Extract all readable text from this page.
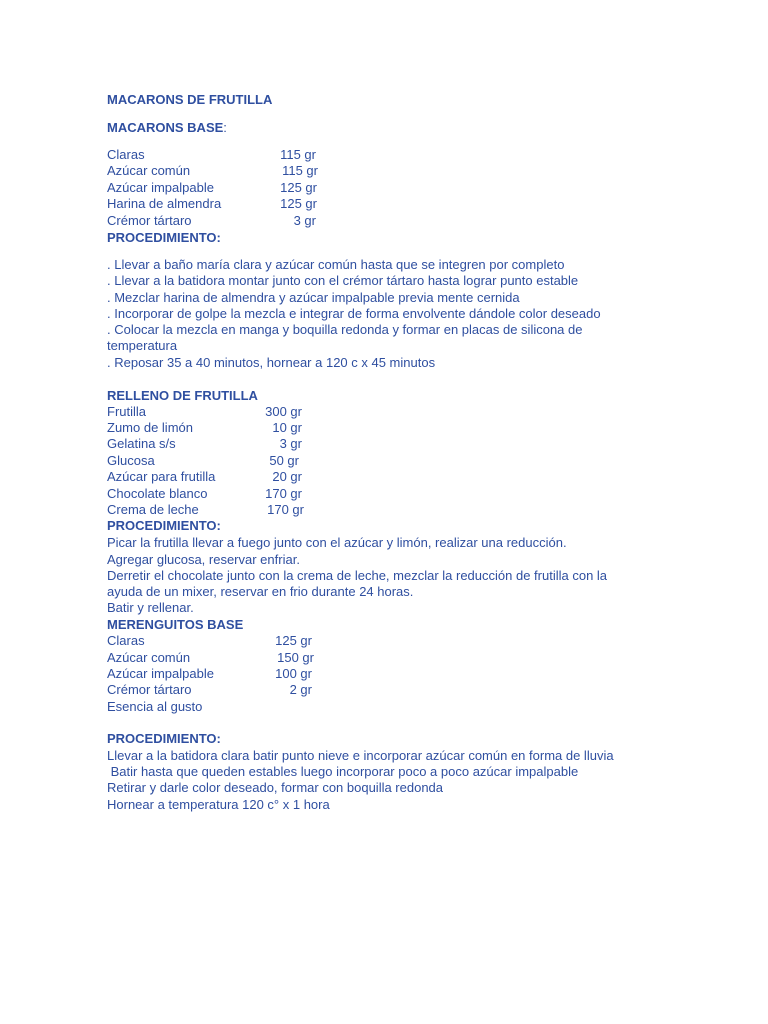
MACARONS DE FRUTILLA
MACARONS BASE:
Claras	115 gr
Azúcar común	115 gr
Azúcar impalpable	125 gr
Harina de almendra	125 gr
Crémor tártaro	3 gr
PROCEDIMIENTO:
. Llevar a baño maría clara y azúcar común hasta que se integren por completo
. Llevar a la batidora montar junto con el crémor tártaro hasta lograr punto estable
. Mezclar harina de almendra y azúcar impalpable previa mente cernida
. Incorporar de golpe la mezcla e integrar de forma envolvente dándole color deseado
. Colocar la mezcla en manga y boquilla redonda y formar en placas de silicona de
temperatura
. Reposar 35 a 40 minutos, hornear a 120 c x 45 minutos
RELLENO DE FRUTILLA
Frutilla	300 gr
Zumo de limón	10 gr
Gelatina s/s	3 gr
Glucosa	50 gr
Azúcar para frutilla	20 gr
Chocolate blanco	170 gr
Crema de leche	170 gr
PROCEDIMIENTO:
Picar la frutilla llevar a fuego junto con el azúcar y limón, realizar una reducción.
Agregar glucosa, reservar enfriar.
Derretir el chocolate junto con la crema de leche, mezclar la reducción de frutilla con la
ayuda de un mixer, reservar en frio durante 24 horas.
Batir y rellenar.
MERENGUITOS BASE
Claras	125 gr
Azúcar común	150 gr
Azúcar impalpable	100 gr
Crémor tártaro	2 gr
Esencia al gusto
PROCEDIMIENTO:
Llevar a la batidora clara batir punto nieve e incorporar azúcar común en forma de lluvia
Batir hasta que queden estables luego incorporar poco a poco azúcar impalpable
Retirar y darle color deseado, formar con boquilla redonda
Hornear a temperatura 120 c° x 1 hora
